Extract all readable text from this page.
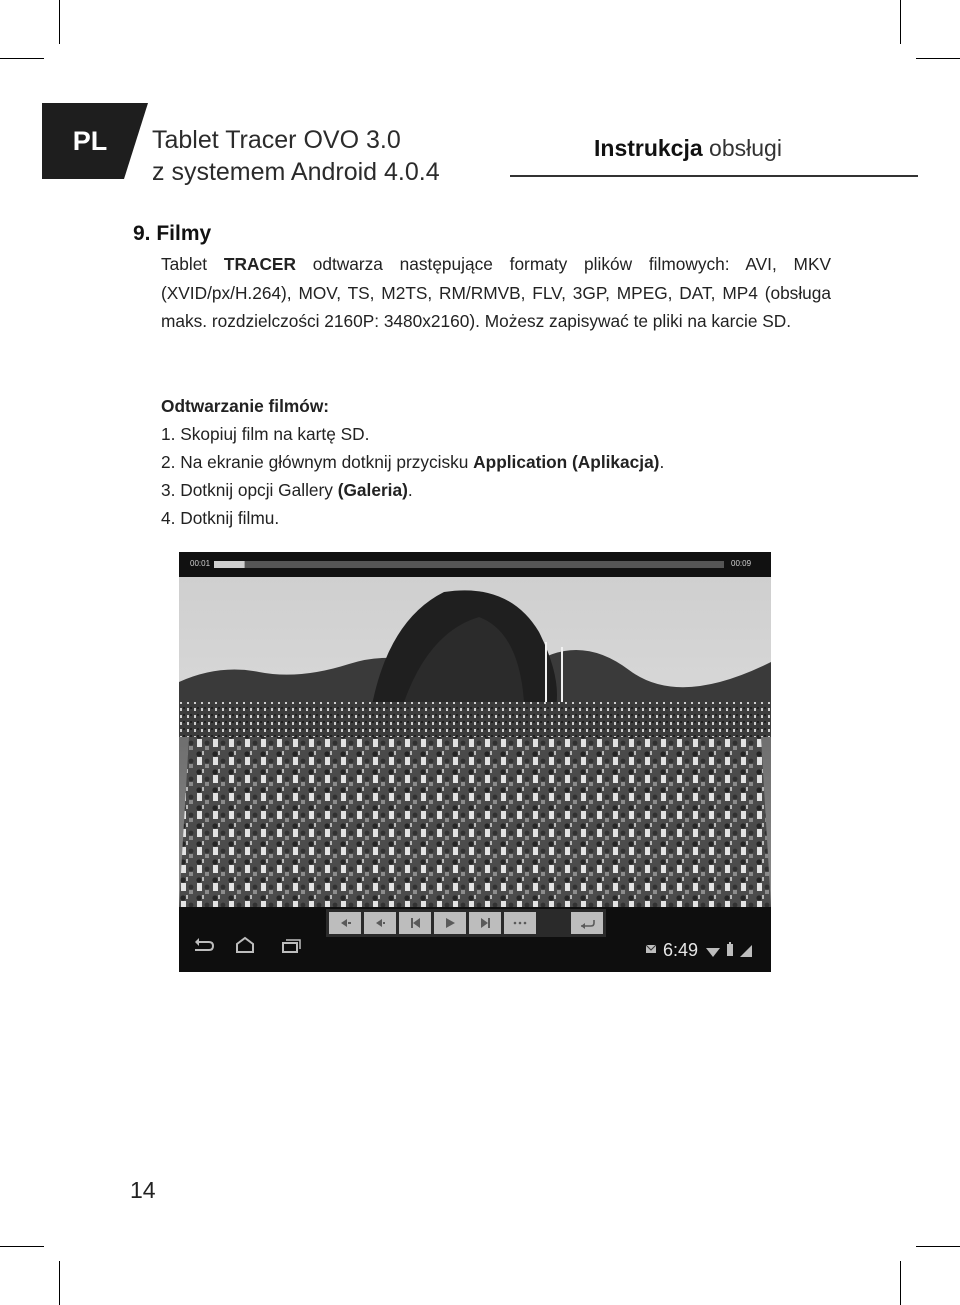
PL	Tablet Tracer OVO 3.0
z systemem Android 4.0.4
Instrukcja obsługi
9. Filmy

Tablet TRACER odtwarza następujące formaty plików filmowych: AVI, MKV (XVID/px/H.264), MOV, TS, M2TS, RM/RMVB, FLV, 3GP, MPEG, DAT, MP4 (obsługa maks. rozdzielczości 2160P: 3480x2160). Możesz zapisywać te pliki na karcie SD.

Odtwarzanie filmów:
1. Skopiuj film na kartę SD.
2. Na ekranie głównym dotknij przycisku Application (Aplikacja).
3. Dotknij opcji Gallery (Galeria).
4. Dotknij filmu.
00:01	00:09
6:49
14
